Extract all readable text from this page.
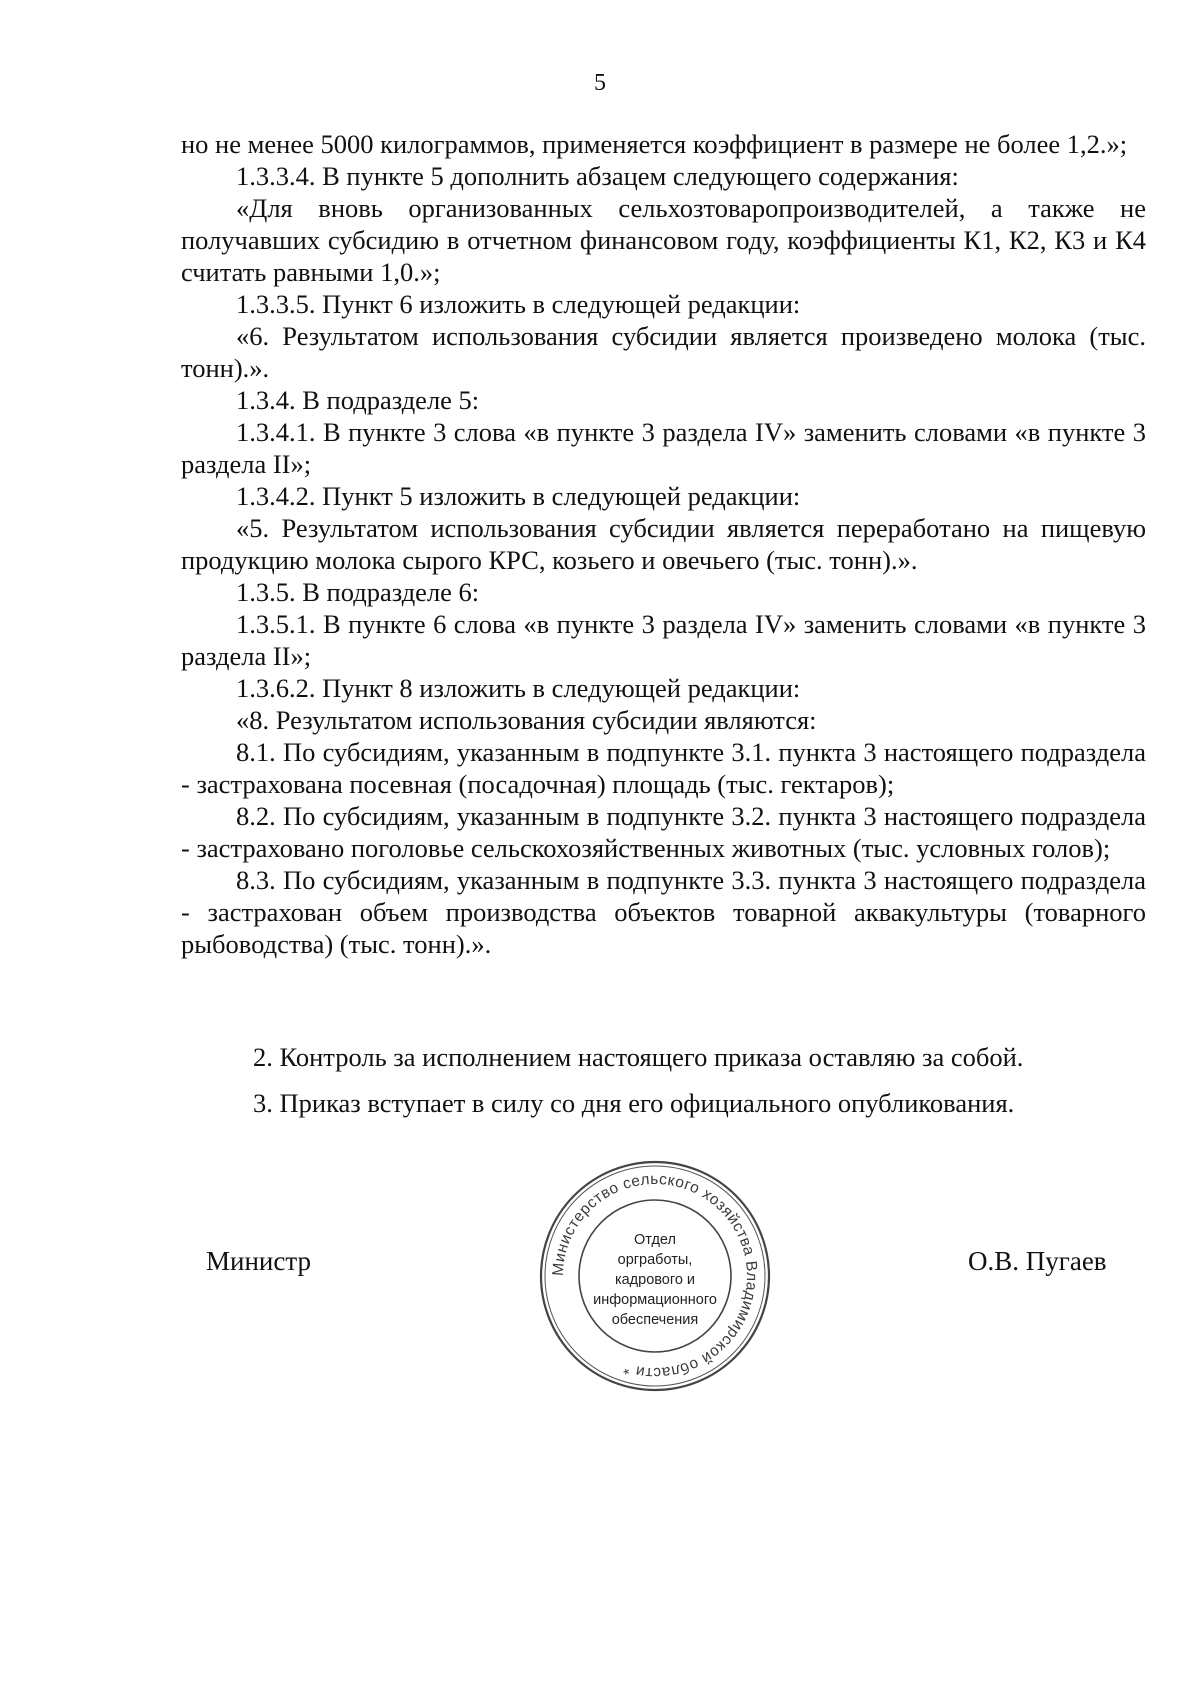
5

но не менее 5000 килограммов, применяется коэффициент в размере не более 1,2.»;

1.3.3.4. В пункте 5 дополнить абзацем следующего содержания:

«Для вновь организованных сельхозтоваропроизводителей, а также не получавших субсидию в отчетном финансовом году, коэффициенты К1, К2, К3 и К4 считать равными 1,0.»;

1.3.3.5. Пункт 6 изложить в следующей редакции:

«6. Результатом использования субсидии является произведено молока (тыс. тонн).».

1.3.4. В подразделе 5:

1.3.4.1. В пункте 3 слова «в пункте 3 раздела IV» заменить словами «в пункте 3 раздела II»;

1.3.4.2. Пункт 5 изложить в следующей редакции:

«5. Результатом использования субсидии является переработано на пищевую продукцию молока сырого КРС, козьего и овечьего (тыс. тонн).».

1.3.5. В подразделе 6:

1.3.5.1. В пункте 6 слова «в пункте 3 раздела IV» заменить словами «в пункте 3 раздела II»;

1.3.6.2. Пункт 8 изложить в следующей редакции:

«8. Результатом использования субсидии являются:

8.1. По субсидиям, указанным в подпункте 3.1. пункта 3 настоящего подраздела - застрахована посевная (посадочная) площадь (тыс. гектаров);

8.2. По субсидиям, указанным в подпункте 3.2. пункта 3 настоящего подраздела - застраховано поголовье сельскохозяйственных животных (тыс. условных голов);

8.3. По субсидиям, указанным в подпункте 3.3. пункта 3 настоящего подраздела - застрахован объем производства объектов товарной аквакультуры (товарного рыбоводства) (тыс. тонн).».

2. Контроль за исполнением настоящего приказа оставляю за собой.

3. Приказ вступает в силу со дня его официального опубликования.

Министр	Министерство сельского хозяйства Владимирской области *
Отдел
оргработы,
кадрового и
информационного
обеспечения
О.В. Пугаев
